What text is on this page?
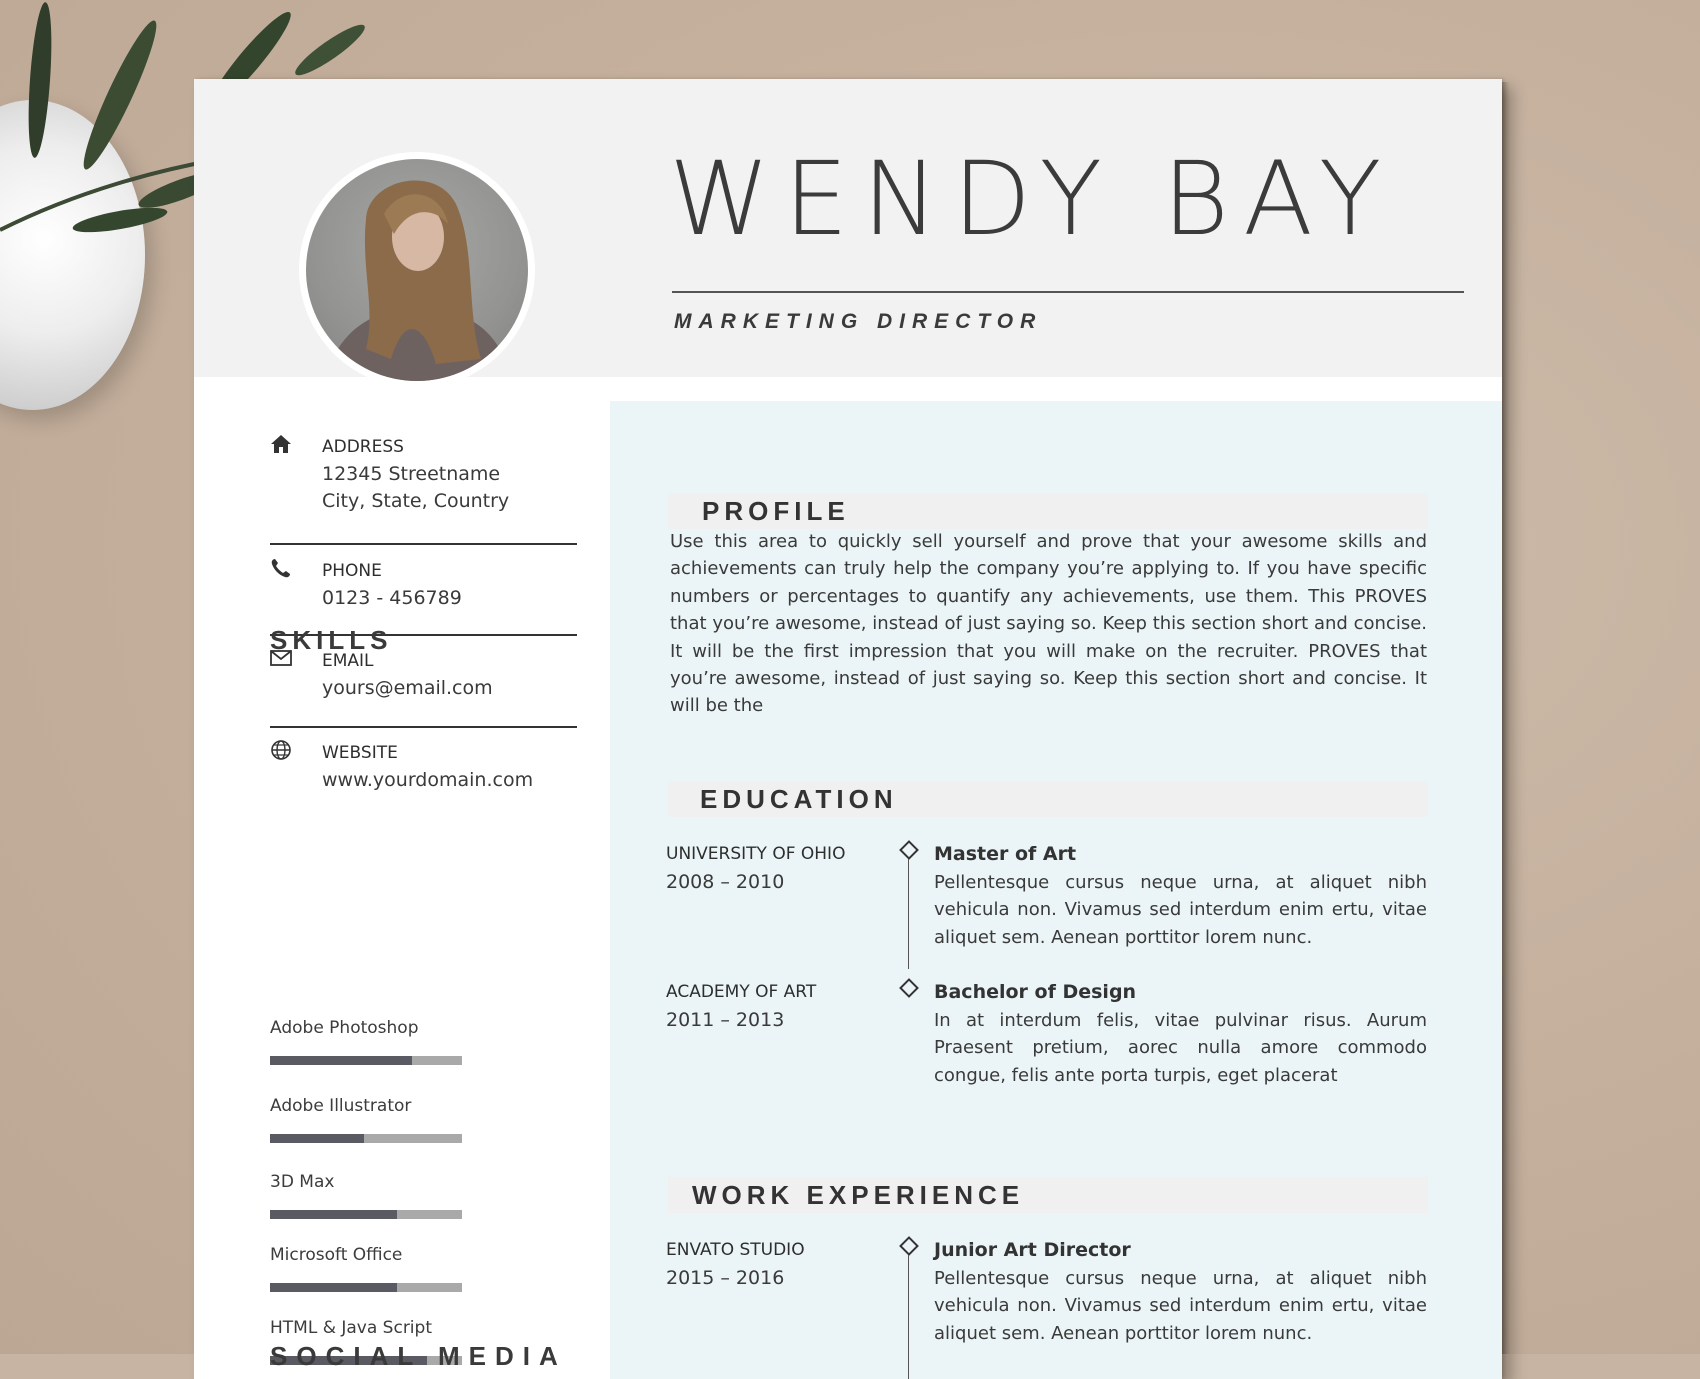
WENDY BAY
MARKETING DIRECTOR
ADDRESS
12345 Streetname
City, State, Country
PHONE
0123 - 456789
EMAIL
yours@email.com
WEBSITE
www.yourdomain.com
SKILLS
Adobe Photoshop
Adobe Illustrator
3D Max
Microsoft Office
HTML & Java Script
SOCIAL MEDIA
PROFILE

Use this area to quickly sell yourself and prove that your awesome skills and achievements can truly help the company you’re applying to. If you have specific numbers or percentages to quantify any achievements, use them. This PROVES that you’re awesome, instead of just saying so. Keep this section short and concise. It will be the first impression that you will make on the recruiter. PROVES that you’re awesome, instead of just saying so. Keep this section short and concise. It will be the

EDUCATION
UNIVERSITY OF OHIO
2008 – 2010
Master of Art

Pellentesque cursus neque urna, at aliquet nibh vehicula non. Vivamus sed interdum enim ertu, vitae aliquet sem. Aenean porttitor lorem nunc.

ACADEMY OF ART
2011 – 2013
Bachelor of Design

In at interdum felis, vitae pulvinar risus. Aurum Praesent pretium, aorec nulla amore commodo congue, felis ante porta turpis, eget placerat

WORK EXPERIENCE
ENVATO STUDIO
2015 – 2016
Junior Art Director

Pellentesque cursus neque urna, at aliquet nibh vehicula non. Vivamus sed interdum enim ertu, vitae aliquet sem. Aenean porttitor lorem nunc.
